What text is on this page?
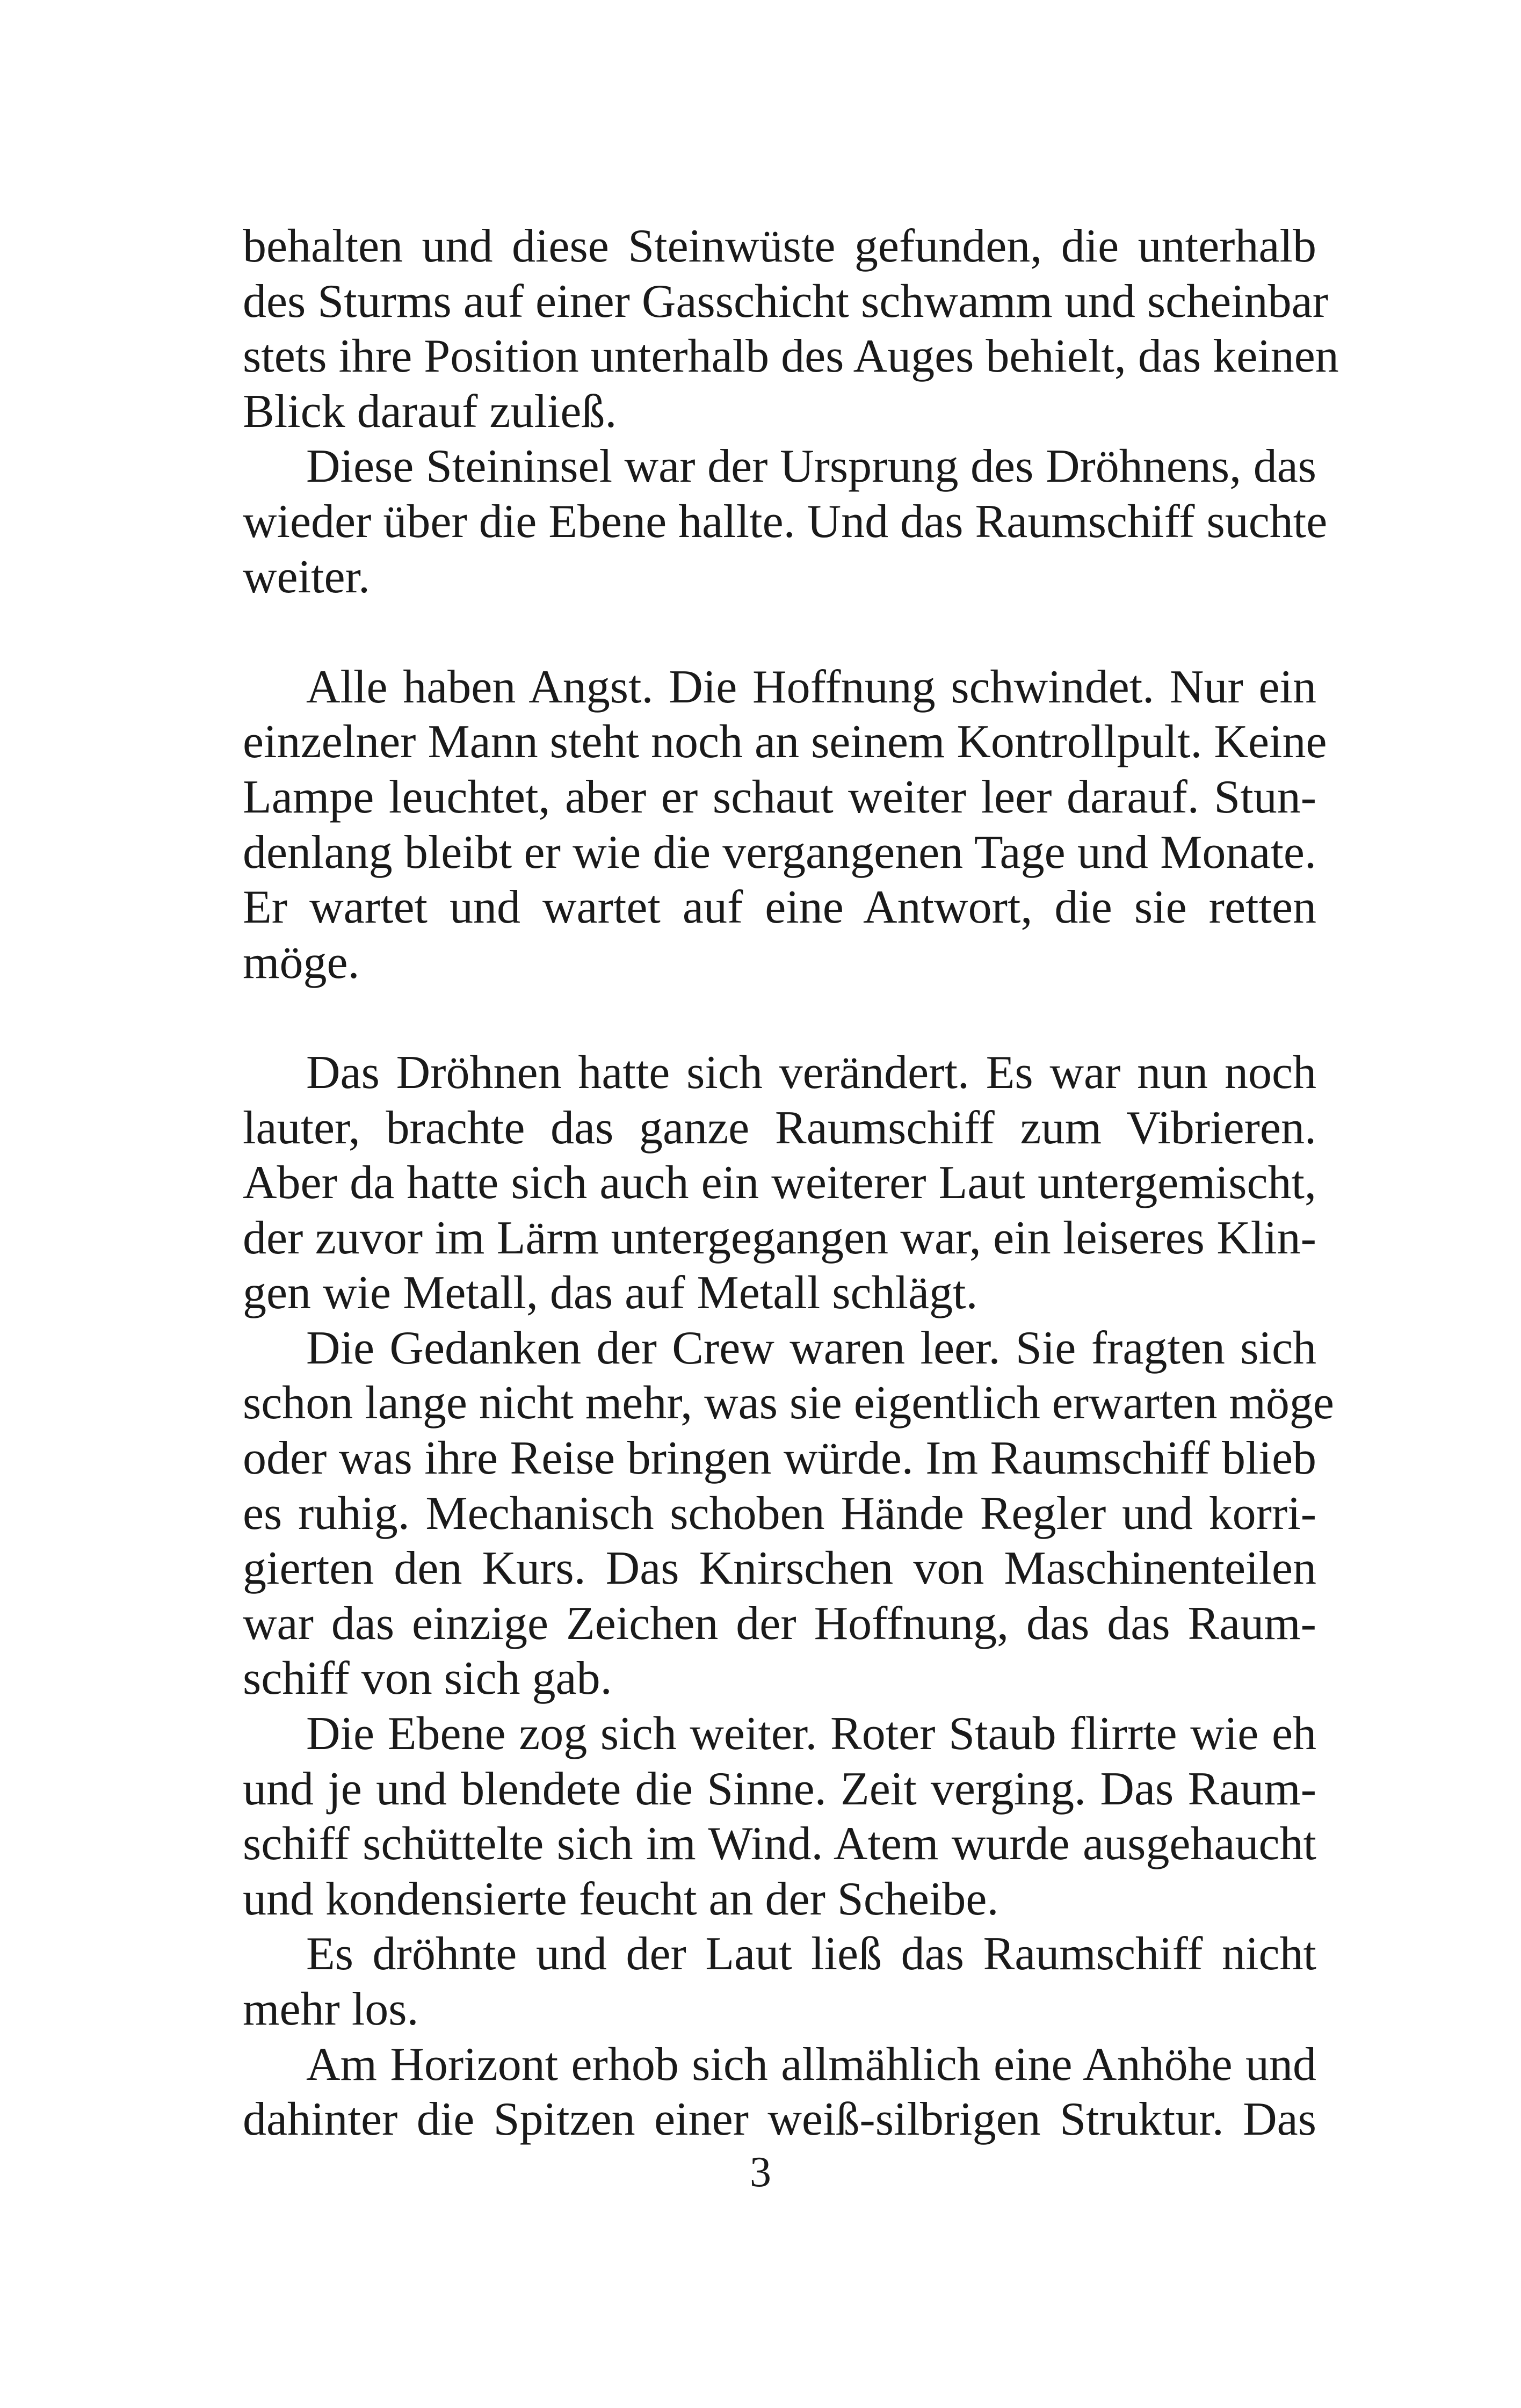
behalten und diese Steinwüste gefunden, die unterhalb
des Sturms auf einer Gasschicht schwamm und scheinbar
stets ihre Position unterhalb des Auges behielt, das keinen
Blick darauf zuließ.
Diese Steininsel war der Ursprung des Dröhnens, das
wieder über die Ebene hallte. Und das Raumschiff suchte
weiter.
Alle haben Angst. Die Hoffnung schwindet. Nur ein
einzelner Mann steht noch an seinem Kontrollpult. Keine
Lampe leuchtet, aber er schaut weiter leer darauf. Stun-
denlang bleibt er wie die vergangenen Tage und Monate.
Er wartet und wartet auf eine Antwort, die sie retten
möge.
Das Dröhnen hatte sich verändert. Es war nun noch
lauter, brachte das ganze Raumschiff zum Vibrieren.
Aber da hatte sich auch ein weiterer Laut untergemischt,
der zuvor im Lärm untergegangen war, ein leiseres Klin-
gen wie Metall, das auf Metall schlägt.
Die Gedanken der Crew waren leer. Sie fragten sich
schon lange nicht mehr, was sie eigentlich erwarten möge
oder was ihre Reise bringen würde. Im Raumschiff blieb
es ruhig. Mechanisch schoben Hände Regler und korri-
gierten den Kurs. Das Knirschen von Maschinenteilen
war das einzige Zeichen der Hoffnung, das das Raum-
schiff von sich gab.
Die Ebene zog sich weiter. Roter Staub flirrte wie eh
und je und blendete die Sinne. Zeit verging. Das Raum-
schiff schüttelte sich im Wind. Atem wurde ausgehaucht
und kondensierte feucht an der Scheibe.
Es dröhnte und der Laut ließ das Raumschiff nicht
mehr los.
Am Horizont erhob sich allmählich eine Anhöhe und
dahinter die Spitzen einer weiß-silbrigen Struktur. Das
3
